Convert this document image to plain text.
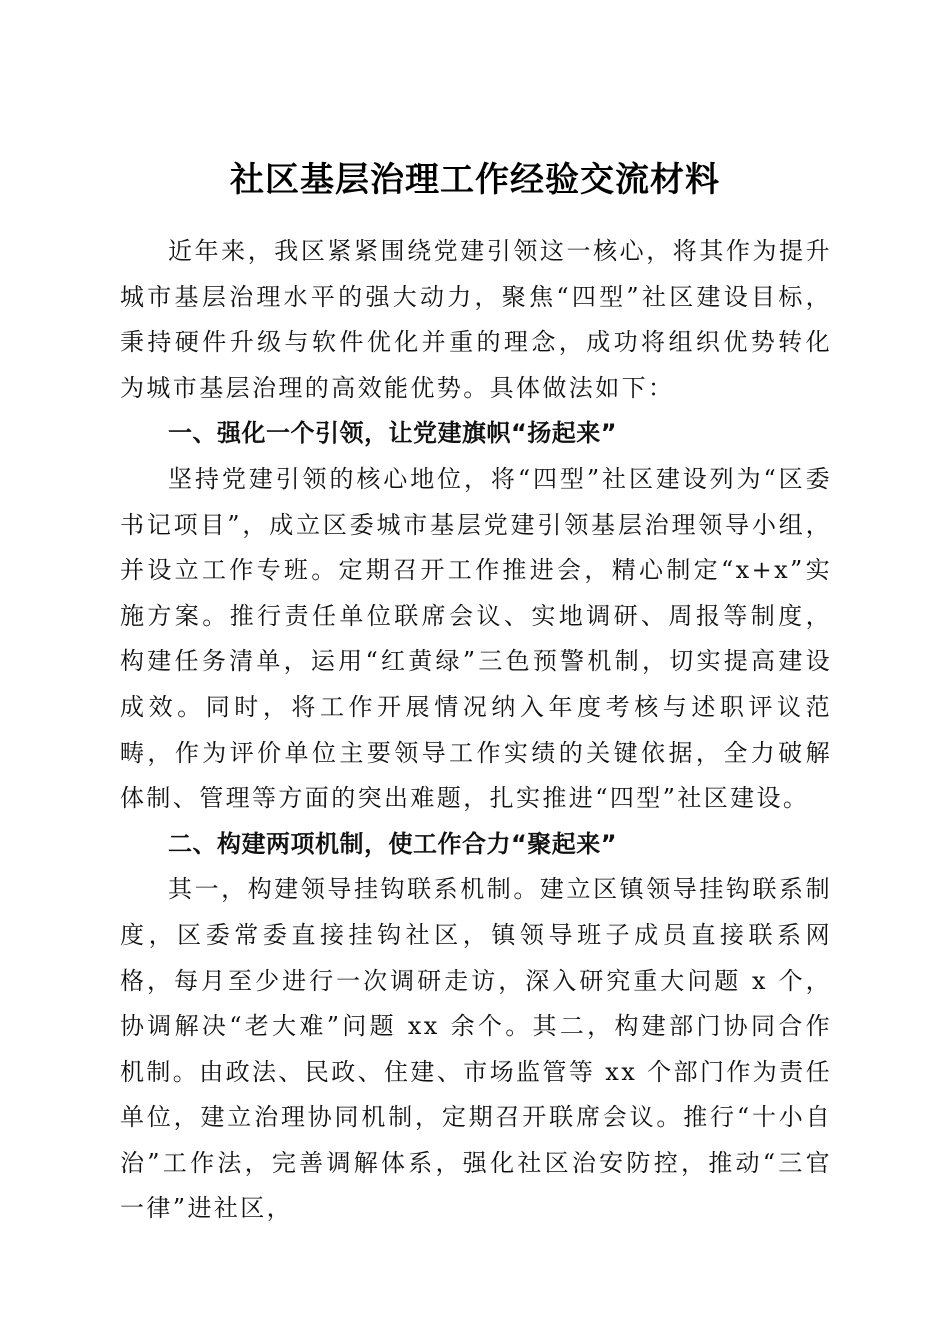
社区基层治理工作经验交流材料

近年来，我区紧紧围绕党建引领这一核心，将其作为提升城市基层治理水平的强大动力，聚焦“四型”社区建设目标，秉持硬件升级与软件优化并重的理念，成功将组织优势转化为城市基层治理的高效能优势。具体做法如下：

一、强化一个引领，让党建旗帜“扬起来”

坚持党建引领的核心地位，将“四型”社区建设列为“区委书记项目”，成立区委城市基层党建引领基层治理领导小组，并设立工作专班。定期召开工作推进会，精心制定“x+x”实施方案。推行责任单位联席会议、实地调研、周报等制度，构建任务清单，运用“红黄绿”三色预警机制，切实提高建设成效。同时，将工作开展情况纳入年度考核与述职评议范畴，作为评价单位主要领导工作实绩的关键依据，全力破解体制、管理等方面的突出难题，扎实推进“四型”社区建设。

二、构建两项机制，使工作合力“聚起来”

其一，构建领导挂钩联系机制。建立区镇领导挂钩联系制度，区委常委直接挂钩社区，镇领导班子成员直接联系网格，每月至少进行一次调研走访，深入研究重大问题 x 个，协调解决“老大难”问题 xx 余个。其二，构建部门协同合作机制。由政法、民政、住建、市场监管等 xx 个部门作为责任单位，建立治理协同机制，定期召开联席会议。推行“十小自治”工作法，完善调解体系，强化社区治安防控，推动“三官一律”进社区，
